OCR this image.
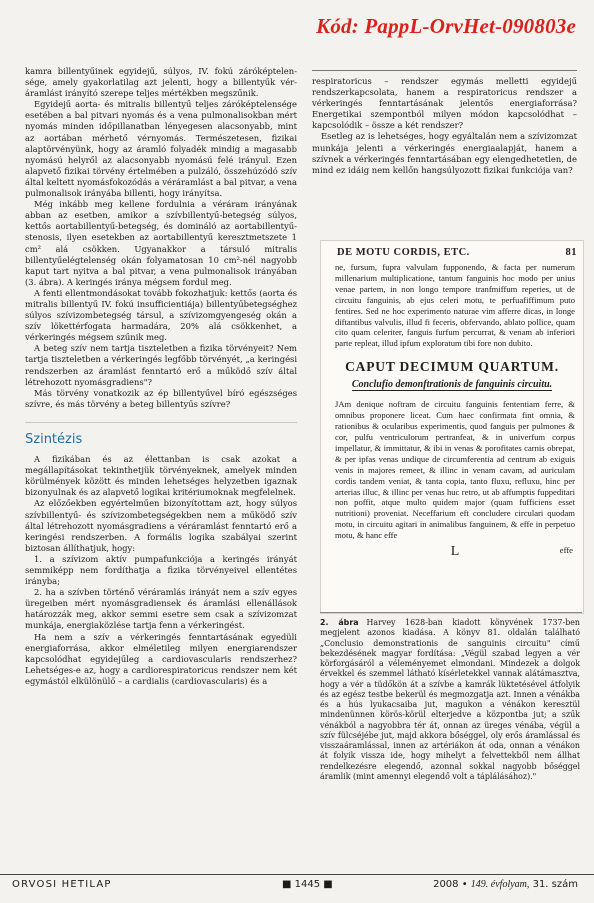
Kód: PappL-OrvHet-090803e

kamra billentyűinek egyidejű, súlyos, IV. fokú záróképtelensége, amely gyakorlatilag azt jelenti, hogy a billentyűk véráramlást irányító szerepe teljes mértékben megszűnik.

Egyidejű aorta- és mitralis billentyű teljes záróképtelensége esetében a bal pitvari nyomás és a vena pulmonalisokban mért nyomás minden időpillanatban lényegesen alacsonyabb, mint az aortában mérhető vérnyomás. Természetesen, fizikai alaptörvényünk, hogy az áramló folyadék mindig a magasabb nyomású helyről az alacsonyabb nyomású felé irányul. Ezen alapvető fizikai törvény értelmében a pulzáló, összehúzódó szív által keltett nyomásfokozódás a véráramlást a bal pitvar, a vena pulmonalisok irányába billenti, hogy irányítsa.

Még inkább meg kellene fordulnia a véráram irányának abban az esetben, amikor a szívbillentyű-betegség súlyos, kettős aortabillentyű-betegség, és domináló az aortabillentyű-stenosis, ilyen esetekben az aortabillentyű keresztmetszete 1 cm² alá csökken. Ugyanakkor a társuló mitralis billentyűelégtelenség okán folyamatosan 10 cm²-nél nagyobb kaput tart nyitva a bal pitvar, a vena pulmonalisok irányában (3. ábra). A keringés iránya mégsem fordul meg.

A fenti ellentmondásokat tovább fokozhatjuk: kettős (aorta és mitralis billentyű IV. fokú insufficientiája) billentyűbetegséghez súlyos szívizombetegség társul, a szívizomgyengeség okán a szív lökettérfogata harmadára, 20% alá csökkenhet, a vérkeringés mégsem szűnik meg.

A beteg szív nem tartja tiszteletben a fizika törvényeit? Nem tartja tiszteletben a vérkeringés legfőbb törvényét, „a keringési rendszerben az áramlást fenntartó erő a működő szív által létrehozott nyomásgradiens"?

Más törvény vonatkozik az ép billentyűvel bíró egészséges szívre, és más törvény a beteg billentyűs szívre?

Szintézis

A fizikában és az élettanban is csak azokat a megállapításokat tekinthetjük törvényeknek, amelyek minden körülmények között és minden lehetséges helyzetben igaznak bizonyulnak és az alapvető logikai kritériumoknak megfelelnek.

Az előzőekben egyértelműen bizonyítottam azt, hogy súlyos szívbillentyű- és szívizombetegségekben nem a működő szív által létrehozott nyomásgradiens a véráramlást fenntartó erő a keringési rendszerben. A formális logika szabályai szerint biztosan állíthatjuk, hogy:

1. a szívizom aktív pumpafunkciója a keringés irányát semmiképp nem fordíthatja a fizika törvényeivel ellentétes irányba;

2. ha a szívben történő véráramlás irányát nem a szív egyes üregeiben mért nyomásgradiensek és áramlási ellenállások határozzák meg, akkor semmi esetre sem csak a szívizomzat munkája, energiaközlése tartja fenn a vérkeringést.

Ha nem a szív a vérkeringés fenntartásának egyedüli energiaforrása, akkor elméletileg milyen energiarendszer kapcsolódhat egyidejűleg a cardiovascularis rendszerhez? Lehetséges-e az, hogy a cardiorespiratoricus rendszer nem két egymástól elkülönülő – a cardialis (cardiovascularis) és a

respiratoricus – rendszer egymás melletti egyidejű rendszerkapcsolata, hanem a respiratoricus rendszer a vérkeringés fenntartásának jelentős energiaforrása? Energetikai szempontból milyen módon kapcsolódhat – kapcsolódik – össze a két rendszer?

Esetleg az is lehetséges, hogy egyáltalán nem a szívizomzat munkája jelenti a vérkeringés energiaalapját, hanem a szívnek a vérkeringés fenntartásában egy elengedhetetlen, de mind ez idáig nem kellőn hangsúlyozott fizikai funkciója van?

DE MOTU CORDIS, ETC.	81

ne, fursum, fupra valvulam fupponendo, & facta per numerum millenarium multiplicatione, tantum fanguinis hoc modo per unius venae partem, in non longo tempore tranfmiffum reperies, ut de circuitu fanguinis, ab ejus celeri motu, te perfuafiffimum puto fentires. Sed ne hoc experimento naturae vim afferre dicas, in longe diftantibus valvulis, illud fi feceris, obfervando, ablato pollice, quam cito quam celeriter, fanguis furfum percurrat, & venam ab inferiori parte repleat, illud ipfum exploratum tibi fore non dubito.

CAPUT DECIMUM QUARTUM.
Conclufio demonftrationis de fanguinis circuitu.

JAm denique noftram de circuitu fanguinis fententiam ferre, & omnibus proponere liceat. Cum haec confirmata fint omnia, & rationibus & ocularibus experimentis, quod fanguis per pulmones & cor, pulfu ventriculorum pertranfeat, & in univerfum corpus impellatur, & immittatur, & ibi in venas & porofitates carnis obrepat, & per ipfas venas undique de circumferentia ad centrum ab exiguis venis in majores remeet, & illinc in venam cavam, ad auriculam cordis tandem veniat, & tanta copia, tanto fluxu, refluxu, hinc per arterias illuc, & illinc per venas huc retro, ut ab affumptis fuppeditari non poffit, atque multo quidem major (quam fufficiens esset nutritioni) proveniat. Neceffarium eft concludere circulari quodam motu, in circuitu agitari in animalibus fanguinem, & effe in perpetuo motu, & hanc effe

L	effe
2. ábra Harvey 1628-ban kiadott könyvének 1737-ben megjelent azonos kiadása. A könyv 81. oldalán található „Conclusio demonstrationis de sanguinis circuitu" című bekezdésének magyar fordítása: „Végül szabad legyen a vér körforgásáról a véleményemet elmondani. Mindezek a dolgok érvekkel és szemmel látható kísérletekkel vannak alátámasztva, hogy a vér a tüdőkön át a szívbe a kamrák lüktetésével átfolyik és az egész testbe bekerül és megmozgatja azt. Innen a vénákba és a hús lyukacsaiba jut, magukon a vénákon keresztül mindenünnen körös-körül elterjedve a központba jut; a szűk vénákból a nagyobbra tér át, onnan az üreges vénába, végül a szív fülcséjébe jut, majd akkora bőséggel, oly erős áramlással és visszaáramlással, innen az artériákon át oda, onnan a vénákon át folyik vissza ide, hogy mihelyt a felvettekből nem állhat rendelkezésre elegendő, azonnal sokkal nagyobb bőséggel áramlik (mint amennyi elegendő volt a táplálásához)."
ORVOSI HETILAP	■ 1445 ■	2008 • 149. évfolyam, 31. szám
